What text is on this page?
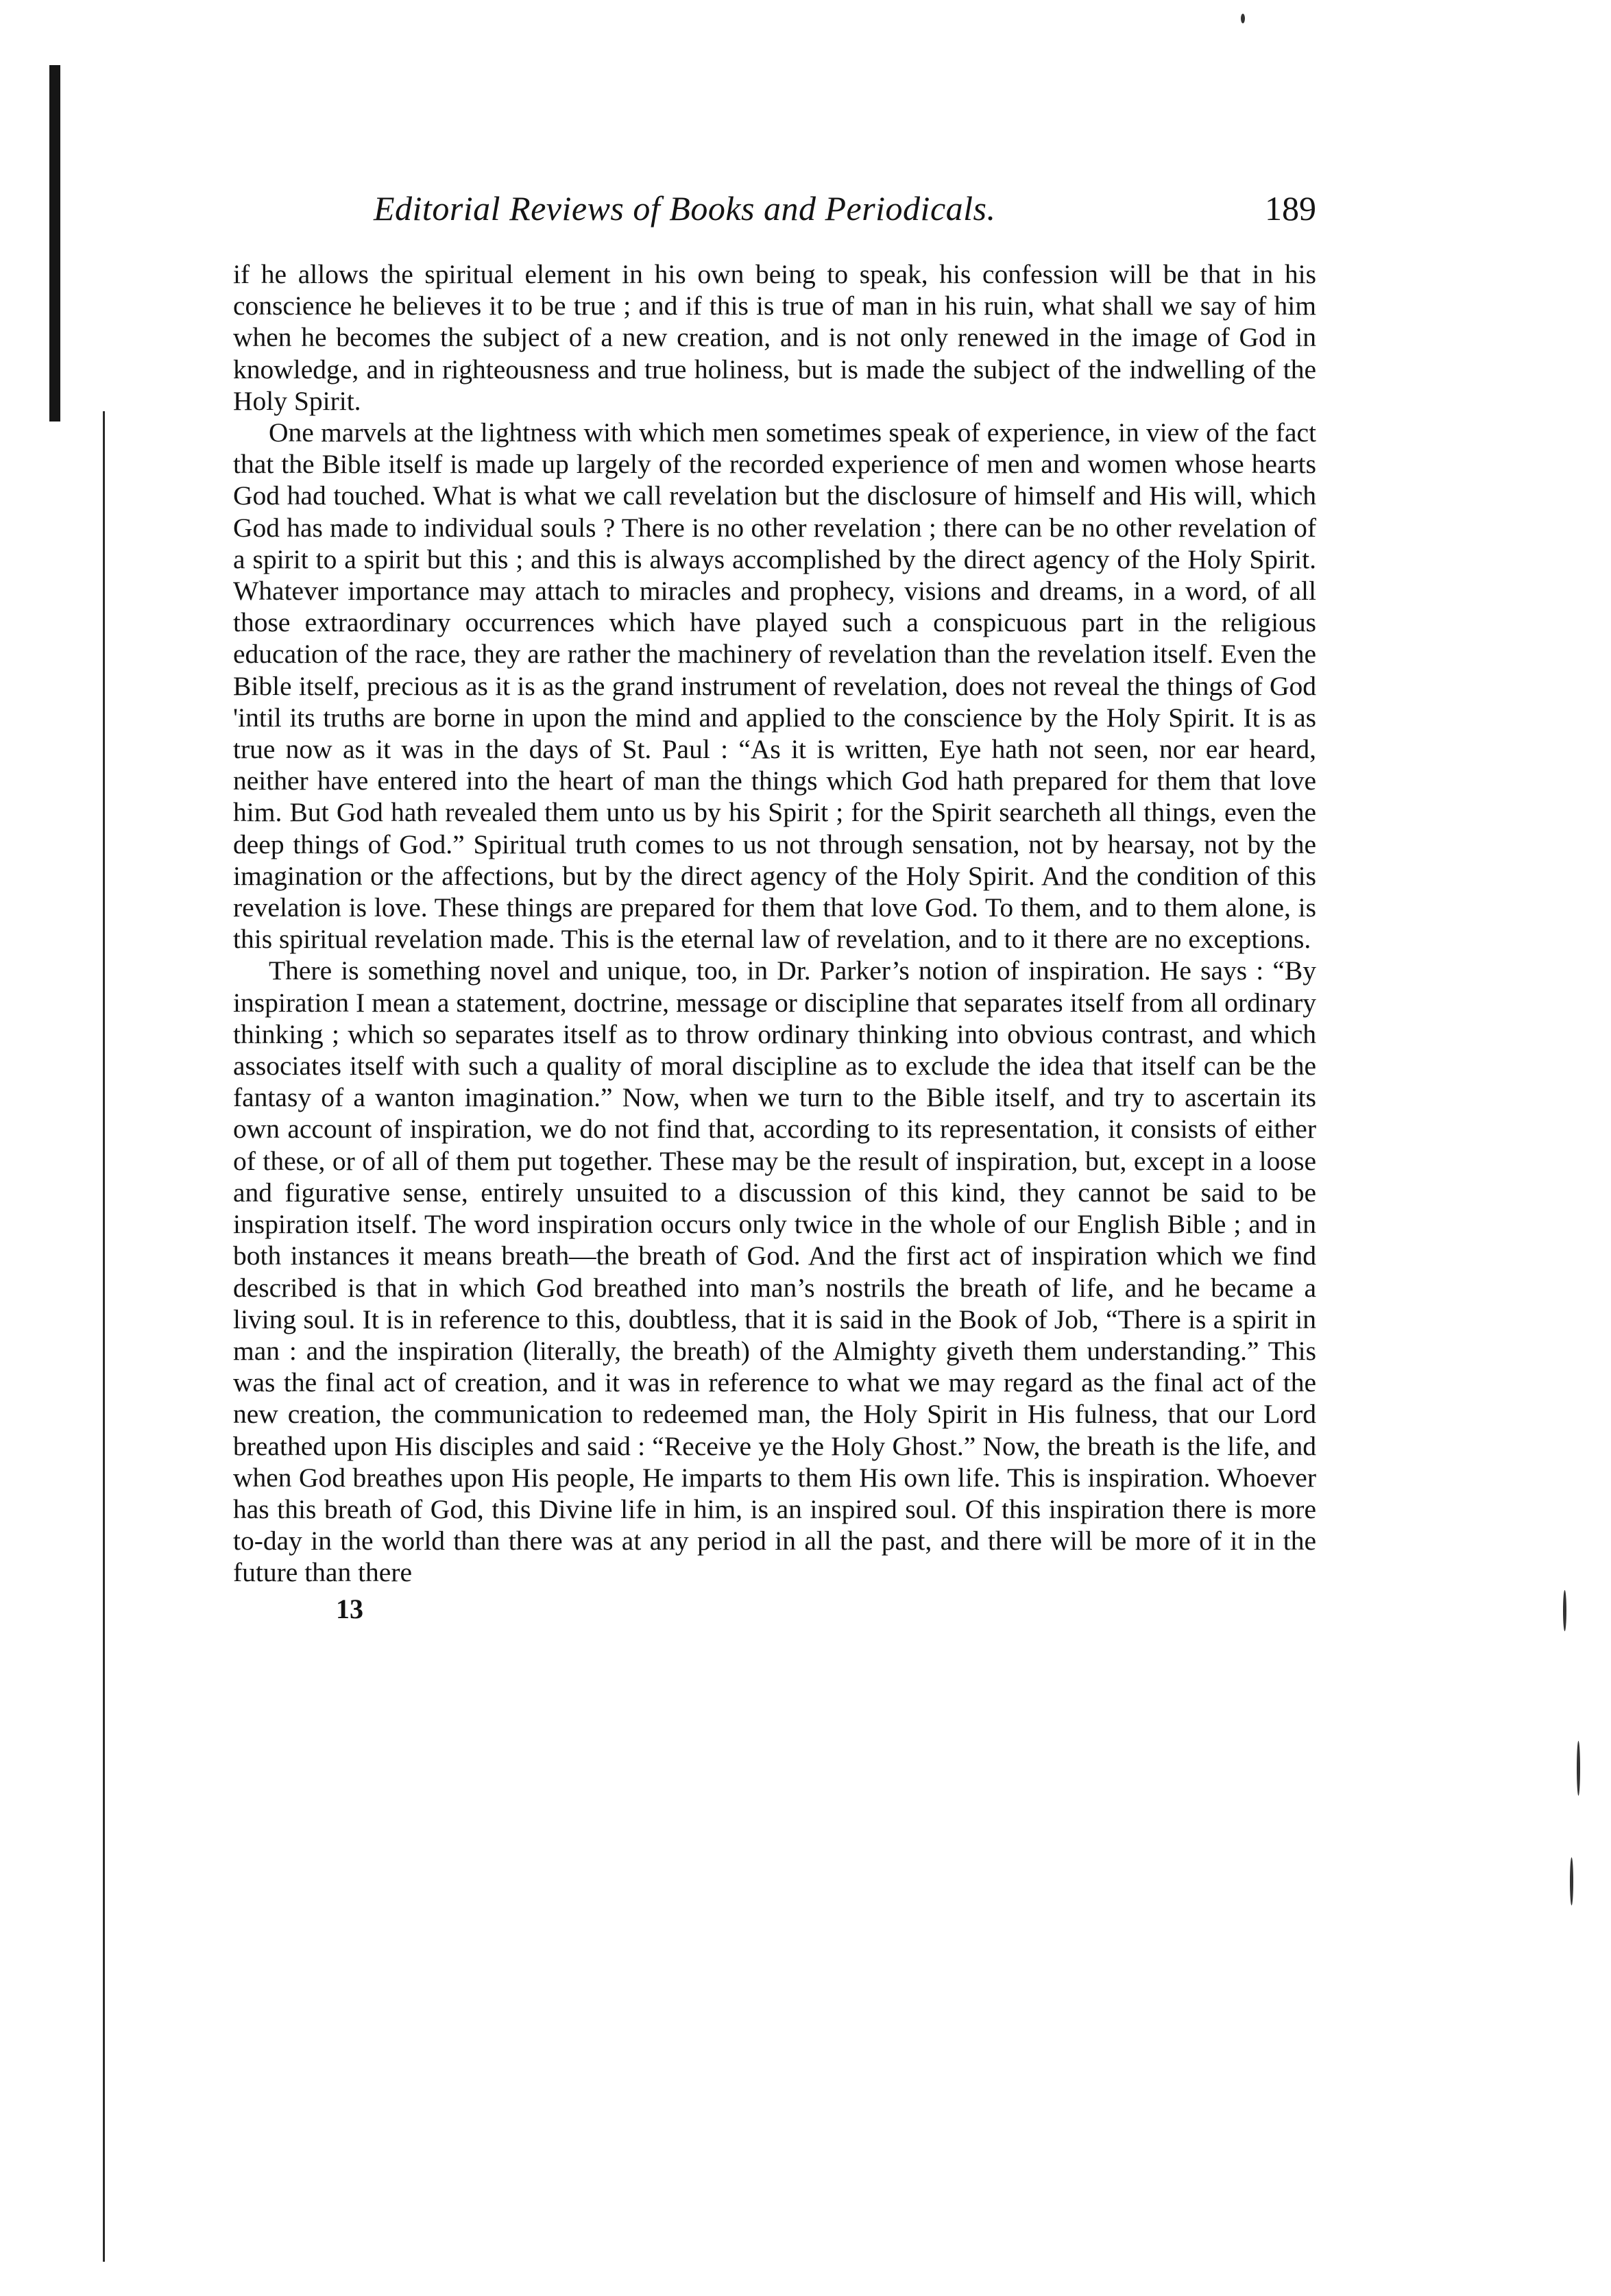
Editorial Reviews of Books and Periodicals.	189

if he allows the spiritual element in his own being to speak, his confession will be that in his conscience he believes it to be true ; and if this is true of man in his ruin, what shall we say of him when he becomes the subject of a new creation, and is not only renewed in the image of God in knowledge, and in righteousness and true holiness, but is made the subject of the indwelling of the Holy Spirit.

One marvels at the lightness with which men sometimes speak of experience, in view of the fact that the Bible itself is made up largely of the recorded experience of men and women whose hearts God had touched. What is what we call revelation but the disclosure of himself and His will, which God has made to individual souls ? There is no other revelation ; there can be no other revelation of a spirit to a spirit but this ; and this is always accomplished by the direct agency of the Holy Spirit. Whatever importance may attach to miracles and prophecy, visions and dreams, in a word, of all those extraordinary occurrences which have played such a conspicuous part in the religious education of the race, they are rather the machinery of revelation than the revelation itself. Even the Bible itself, precious as it is as the grand instrument of revelation, does not reveal the things of God 'intil its truths are borne in upon the mind and applied to the conscience by the Holy Spirit. It is as true now as it was in the days of St. Paul : “As it is written, Eye hath not seen, nor ear heard, neither have entered into the heart of man the things which God hath prepared for them that love him. But God hath revealed them unto us by his Spirit ; for the Spirit searcheth all things, even the deep things of God.” Spiritual truth comes to us not through sensation, not by hearsay, not by the imagination or the affections, but by the direct agency of the Holy Spirit. And the condition of this revelation is love. These things are prepared for them that love God. To them, and to them alone, is this spiritual revelation made. This is the eternal law of revelation, and to it there are no exceptions.

There is something novel and unique, too, in Dr. Parker’s notion of inspiration. He says : “By inspiration I mean a statement, doctrine, message or discipline that separates itself from all ordinary thinking ; which so separates itself as to throw ordinary thinking into obvious contrast, and which associates itself with such a quality of moral discipline as to exclude the idea that itself can be the fantasy of a wanton imagination.” Now, when we turn to the Bible itself, and try to ascertain its own account of inspiration, we do not find that, according to its representation, it consists of either of these, or of all of them put together. These may be the result of inspiration, but, except in a loose and figurative sense, entirely unsuited to a discussion of this kind, they cannot be said to be inspiration itself. The word inspiration occurs only twice in the whole of our English Bible ; and in both instances it means breath—the breath of God. And the first act of inspiration which we find described is that in which God breathed into man’s nostrils the breath of life, and he became a living soul. It is in reference to this, doubtless, that it is said in the Book of Job, “There is a spirit in man : and the inspiration (literally, the breath) of the Almighty giveth them understanding.” This was the final act of creation, and it was in reference to what we may regard as the final act of the new creation, the communication to redeemed man, the Holy Spirit in His fulness, that our Lord breathed upon His disciples and said : “Receive ye the Holy Ghost.” Now, the breath is the life, and when God breathes upon His people, He imparts to them His own life. This is inspiration. Whoever has this breath of God, this Divine life in him, is an inspired soul. Of this inspiration there is more to-day in the world than there was at any period in all the past, and there will be more of it in the future than there

13
